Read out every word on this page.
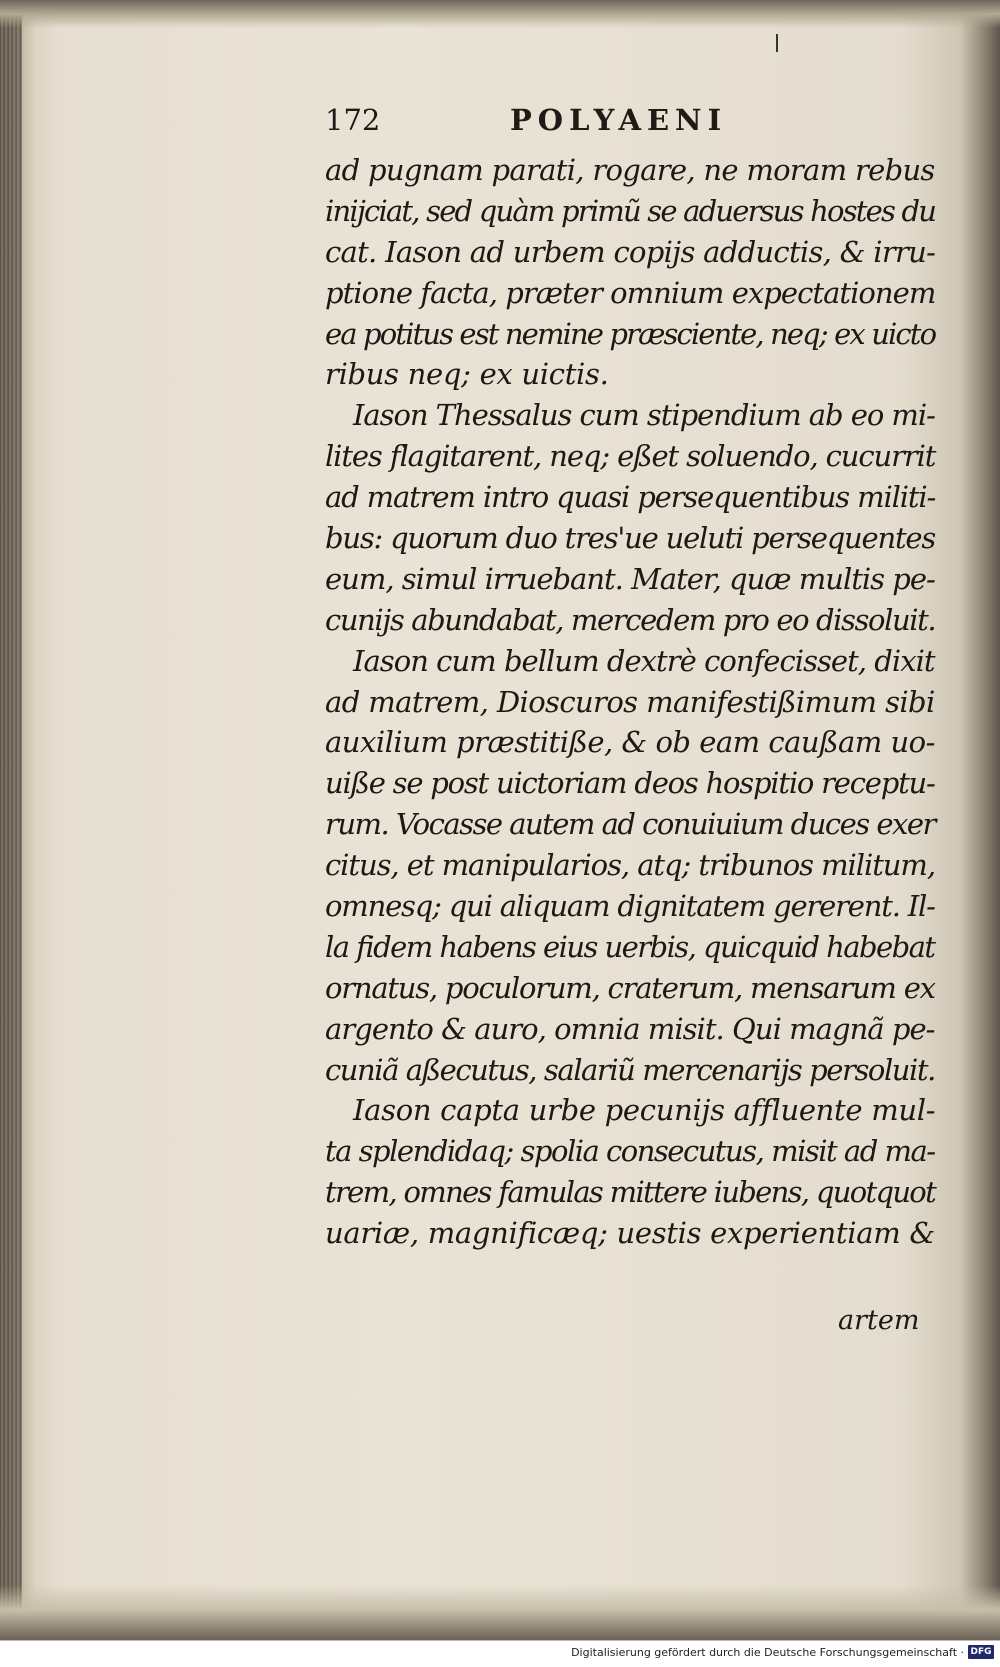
172	POLYAENI
ad pugnam parati, rogare, ne moram rebus
inijciat, sed quàm primũ se aduersus hostes du
cat. Iason ad urbem copijs adductis, & irru-
ptione facta, præter omnium expectationem
ea potitus est nemine præsciente, neq; ex uicto
ribus neq; ex uictis.
Iason Thessalus cum stipendium ab eo mi-
lites flagitarent, neq; eßet soluendo, cucurrit
ad matrem intro quasi persequentibus militi-
bus: quorum duo tres'ue ueluti persequentes
eum, simul irruebant. Mater, quæ multis pe-
cunijs abundabat, mercedem pro eo dissoluit.
Iason cum bellum dextrè confecisset, dixit
ad matrem, Dioscuros manifestißimum sibi
auxilium præstitiße, & ob eam caußam uo-
uiße se post uictoriam deos hospitio receptu-
rum. Vocasse autem ad conuiuium duces exer
citus, et manipularios, atq; tribunos militum,
omnesq; qui aliquam dignitatem gererent. Il-
la fidem habens eius uerbis, quicquid habebat
ornatus, poculorum, craterum, mensarum ex
argento & auro, omnia misit. Qui magnã pe-
cuniã aßecutus, salariũ mercenarijs persoluit.
Iason capta urbe pecunijs affluente mul-
ta splendidaq; spolia consecutus, misit ad ma-
trem, omnes famulas mittere iubens, quotquot
uariæ, magnificæq; uestis experientiam &
artem
Digitalisierung gefördert durch die Deutsche Forschungsgemeinschaft · DFG
